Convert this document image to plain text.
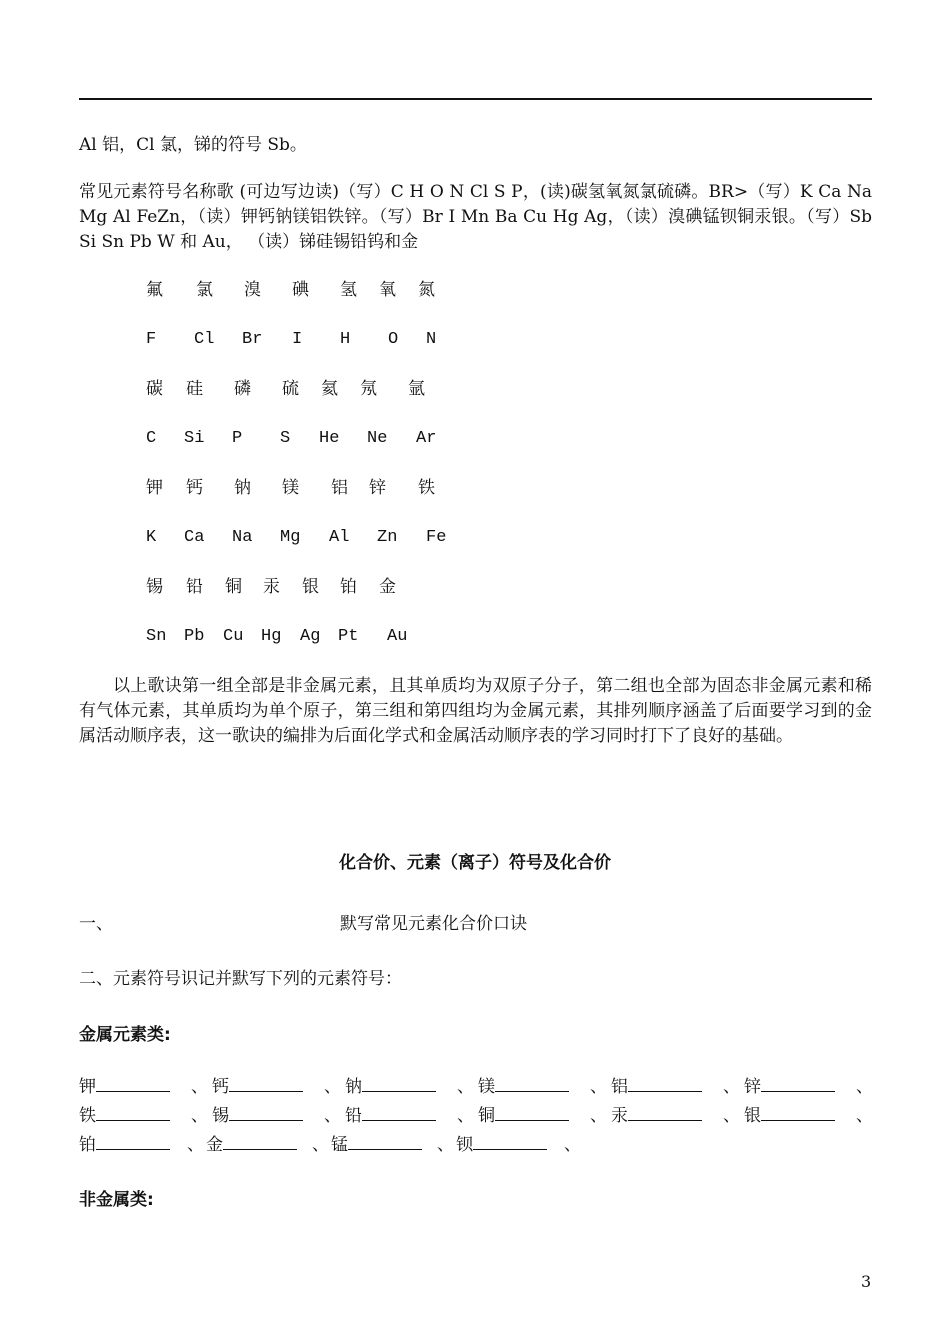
Al 铝，Cl 氯，锑的符号 Sb。

常见元素符号名称歌 (可边写边读)（写）C H O N Cl S P，(读)碳氢氧氮氯硫磷。BR>（写）K Ca Na Mg Al FeZn，（读）钾钙钠镁铝铁锌。（写）Br I Mn Ba Cu Hg Ag，（读）溴碘锰钡铜汞银。（写）Sb Si Sn Pb W 和 Au， （读）锑硅锡铅钨和金

氟 氯 溴 碘 氢 氧 氮
F Cl Br I H O N
碳 硅 磷 硫 氦 氖 氩
C Si P S He Ne Ar
钾 钙 钠 镁 铝 锌 铁
K Ca Na Mg Al Zn Fe
锡 铅 铜 汞 银 铂 金
Sn Pb Cu Hg Ag Pt Au

以上歌诀第一组全部是非金属元素，且其单质均为双原子分子，第二组也全部为固态非金属元素和稀有气体元素，其单质均为单个原子，第三组和第四组均为金属元素，其排列顺序涵盖了后面要学习到的金属活动顺序表，这一歌诀的编排为后面化学式和金属活动顺序表的学习同时打下了良好的基础。

化合价、元素（离子）符号及化合价
一、	默写常见元素化合价口诀
二、元素符号识记并默写下列的元素符号：
金属元素类:
钾	、 钙	、 钠	、 镁	、 铝	、 锌	、
铁	、 锡	、 铅	、 铜	、 汞	、 银	、
铂	、 金	、 锰	、 钡	、
非金属类:
3
